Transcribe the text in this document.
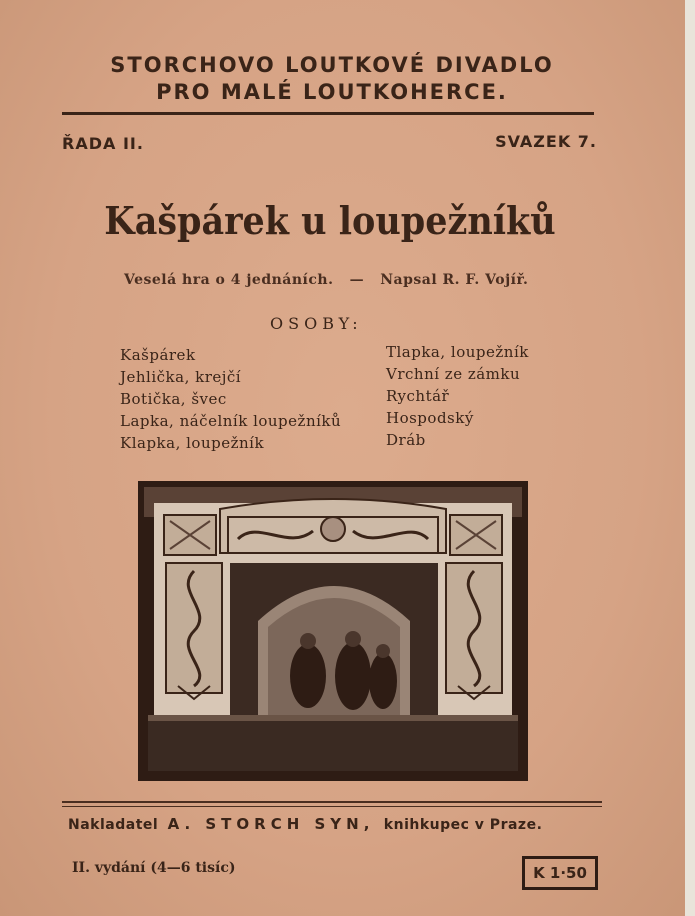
STORCHOVO LOUTKOVÉ DIVADLO
PRO MALÉ LOUTKOHERCE.
ŘADA II.	SVAZEK 7.
Kašpárek u loupežníků
Veselá hra o 4 jednáních. — Napsal R. F. Vojíř.
OSOBY:
Kašpárek
Jehlička, krejčí
Botička, švec
Lapka, náčelník loupežníků
Klapka, loupežník
Tlapka, loupežník
Vrchní ze zámku
Rychtář
Hospodský
Dráb
Nakladatel A. STORCH SYN, knihkupec v Praze.
II. vydání (4—6 tisíc)	K 1·50
